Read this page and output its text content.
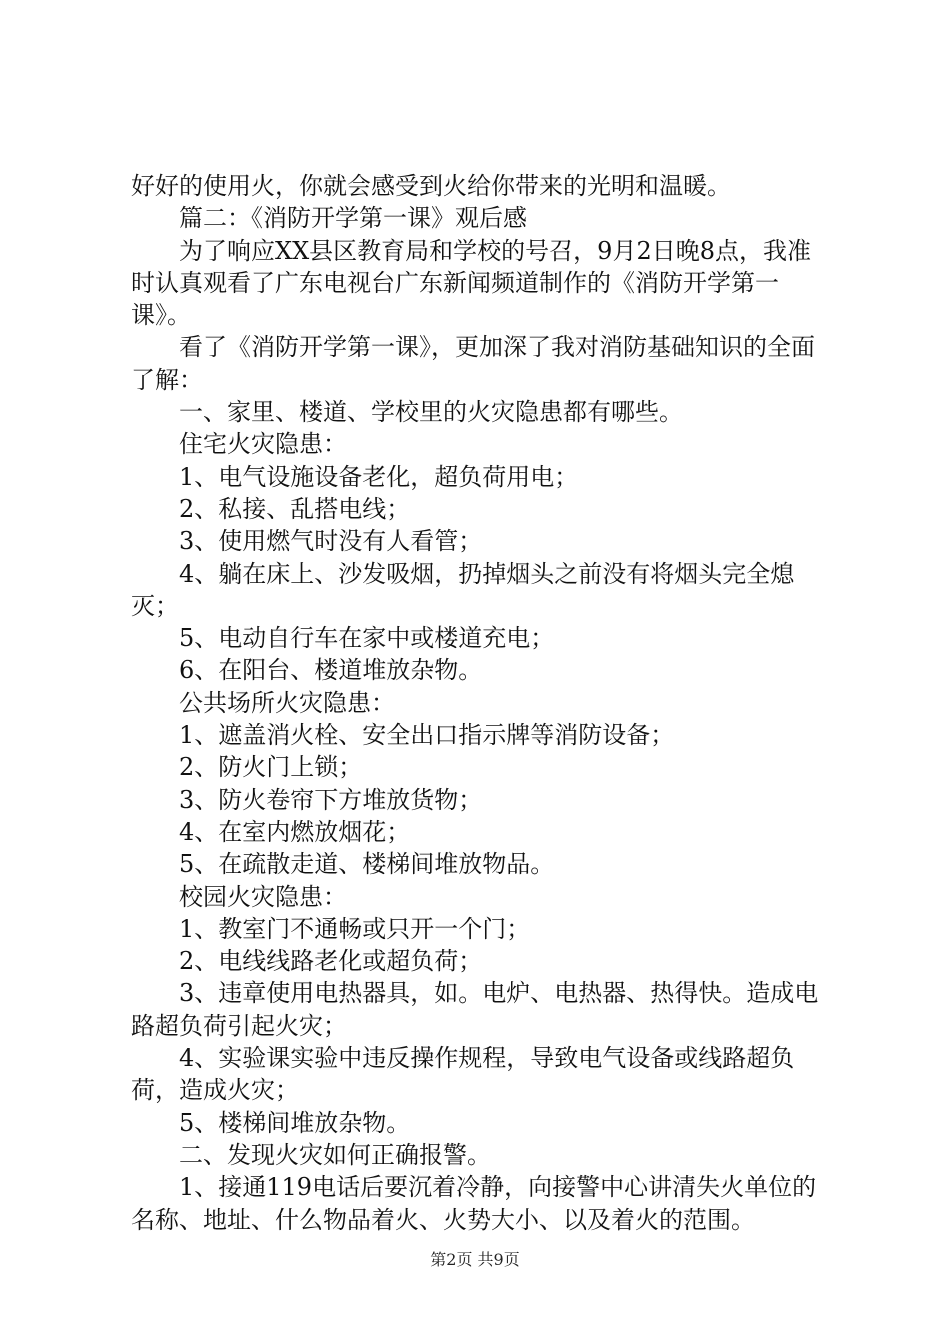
好好的使用火，你就会感受到火给你带来的光明和温暖。

篇二：《消防开学第一课》观后感

为了响应XX县区教育局和学校的号召，9月2日晚8点，我准时认真观看了广东电视台广东新闻频道制作的《消防开学第一课》。

看了《消防开学第一课》，更加深了我对消防基础知识的全面了解：

一、家里、楼道、学校里的火灾隐患都有哪些。

住宅火灾隐患：

1、电气设施设备老化，超负荷用电；

2、私接、乱搭电线；

3、使用燃气时没有人看管；

4、躺在床上、沙发吸烟，扔掉烟头之前没有将烟头完全熄灭；

5、电动自行车在家中或楼道充电；

6、在阳台、楼道堆放杂物。

公共场所火灾隐患：

1、遮盖消火栓、安全出口指示牌等消防设备；

2、防火门上锁；

3、防火卷帘下方堆放货物；

4、在室内燃放烟花；

5、在疏散走道、楼梯间堆放物品。

校园火灾隐患：

1、教室门不通畅或只开一个门；

2、电线线路老化或超负荷；

3、违章使用电热器具，如。电炉、电热器、热得快。造成电路超负荷引起火灾；

4、实验课实验中违反操作规程，导致电气设备或线路超负荷，造成火灾；

5、楼梯间堆放杂物。

二、发现火灾如何正确报警。

1、接通119电话后要沉着冷静，向接警中心讲清失火单位的名称、地址、什么物品着火、火势大小、以及着火的范围。

第2页 共9页
